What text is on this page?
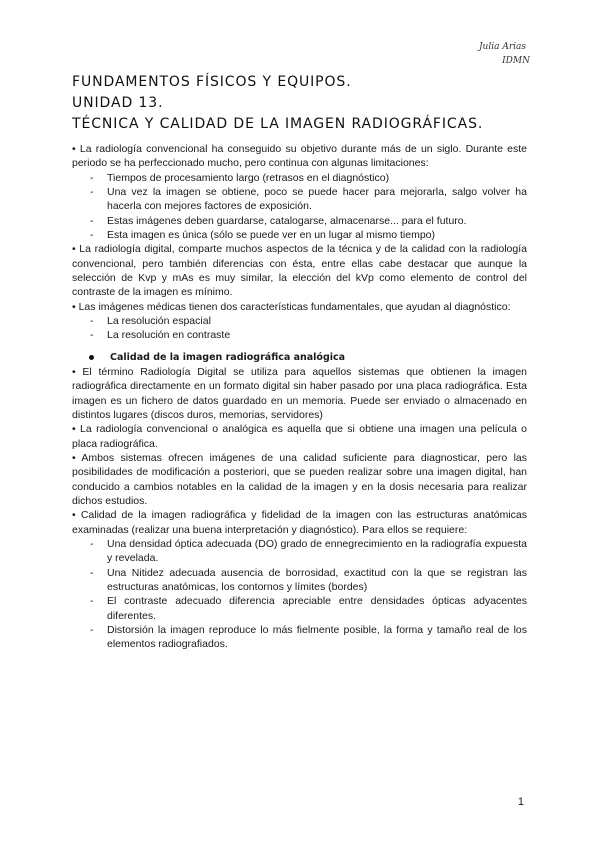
Julia Arias
IDMN
FUNDAMENTOS FÍSICOS Y EQUIPOS.
UNIDAD 13.
TÉCNICA Y CALIDAD DE LA IMAGEN RADIOGRÁFICAS.

• La radiología convencional ha conseguido su objetivo durante más de un siglo. Durante este periodo se ha perfeccionado mucho, pero continua con algunas limitaciones:

- Tiempos de procesamiento largo (retrasos en el diagnóstico)
- Una vez la imagen se obtiene, poco se puede hacer para mejorarla, salgo volver ha hacerla con mejores factores de exposición.
- Estas imágenes deben guardarse, catalogarse, almacenarse... para el futuro.
- Esta imagen es única (sólo se puede ver en un lugar al mismo tiempo)

• La radiología digital, comparte muchos aspectos de la técnica y de la calidad con la radiología convencional, pero también diferencias con ésta, entre ellas cabe destacar que aunque la selección de Kvp y mAs es muy similar, la elección del kVp como elemento de control del contraste de la imagen es mínimo.

• Las imágenes médicas tienen dos características fundamentales, que ayudan al diagnóstico:

- La resolución espacial
- La resolución en contraste
Calidad de la imagen radiográfica analógica

• El término Radiología Digital se utiliza para aquellos sistemas que obtienen la imagen radiográfica directamente en un formato digital sin haber pasado por una placa radiográfica. Esta imagen es un fichero de datos guardado en un memoria. Puede ser enviado o almacenado en distintos lugares (discos duros, memorias, servidores)

• La radiología convencional o analógica es aquella que si obtiene una imagen una película o placa radiográfica.

• Ambos sistemas ofrecen imágenes de una calidad suficiente para diagnosticar, pero las posibilidades de modificación a posteriori, que se pueden realizar sobre una imagen digital, han conducido a cambios notables en la calidad de la imagen y en la dosis necesaria para realizar dichos estudios.

• Calidad de la imagen radiográfica y fidelidad de la imagen con las estructuras anatómicas examinadas (realizar una buena interpretación y diagnóstico). Para ellos se requiere:

- Una densidad óptica adecuada (DO) grado de ennegrecimiento en la radiografía expuesta y revelada.
- Una Nitidez adecuada ausencia de borrosidad, exactitud con la que se registran las estructuras anatómicas, los contornos y límites (bordes)
- El contraste adecuado diferencia apreciable entre densidades ópticas adyacentes diferentes.
- Distorsión la imagen reproduce lo más fielmente posible, la forma y tamaño real de los elementos radiografiados.
1
